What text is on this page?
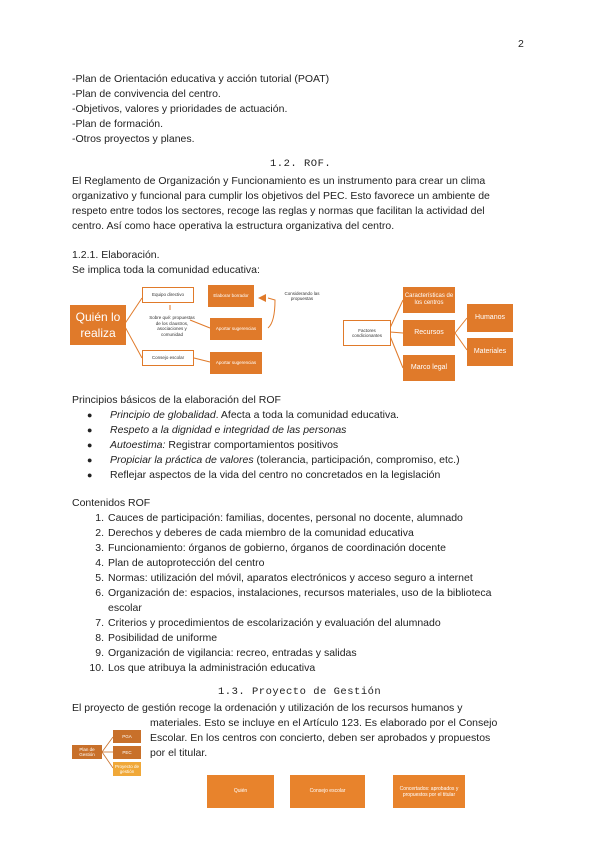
2
-Plan de Orientación educativa y acción tutorial (POAT)
-Plan de convivencia del centro.
-Objetivos, valores y prioridades de actuación.
-Plan de formación.
-Otros proyectos y planes.
1.2. ROF.
El Reglamento de Organización y Funcionamiento es un instrumento para crear un clima
organizativo y funcional para cumplir los objetivos del PEC. Esto favorece un ambiente de
respeto entre todos los sectores, recoge las reglas y normas que facilitan la actividad del
centro. Así como hace operativa la estructura organizativa del centro.
1.2.1. Elaboración.
Se implica toda la comunidad educativa:
Quién lo realiza
Equipo directivo
Consejo escolar
Sobre qué: propuestas de los claustros, asociaciones y comunidad
Aportar sugerencias
Aportar sugerencias
Elaborar borrador
Considerando las propuestas
Factores condicionantes
Características de los centros
Recursos
Marco legal
Humanos
Materiales
Principios básicos de la elaboración del ROF
● Principio de globalidad. Afecta a toda la comunidad educativa.
● Respeto a la dignidad e integridad de las personas
● Autoestima: Registrar comportamientos positivos
● Propiciar la práctica de valores (tolerancia, participación, compromiso, etc.)
● Reflejar aspectos de la vida del centro no concretados en la legislación
Contenidos ROF
1. Cauces de participación: familias, docentes, personal no docente, alumnado
2. Derechos y deberes de cada miembro de la comunidad educativa
3. Funcionamiento: órganos de gobierno, órganos de coordinación docente
4. Plan de autoprotección del centro
5. Normas: utilización del móvil, aparatos electrónicos y acceso seguro a internet
6. Organización de: espacios, instalaciones, recursos materiales, uso de la biblioteca
escolar
7. Criterios y procedimientos de escolarización y evaluación del alumnado
8. Posibilidad de uniforme
9. Organización de vigilancia: recreo, entradas y salidas
10. Los que atribuya la administración educativa
1.3. Proyecto de Gestión
El proyecto de gestión recoge la ordenación y utilización de los recursos humanos y
materiales. Esto se incluye en el Artículo 123. Es elaborado por el Consejo
Escolar. En los centros con concierto, deben ser aprobados y propuestos
por el titular.
Plan de Gestión
PGA
PEC
Proyecto de gestión
Quién	Consejo escolar	Concertados: aprobados y propuestos por el titular
